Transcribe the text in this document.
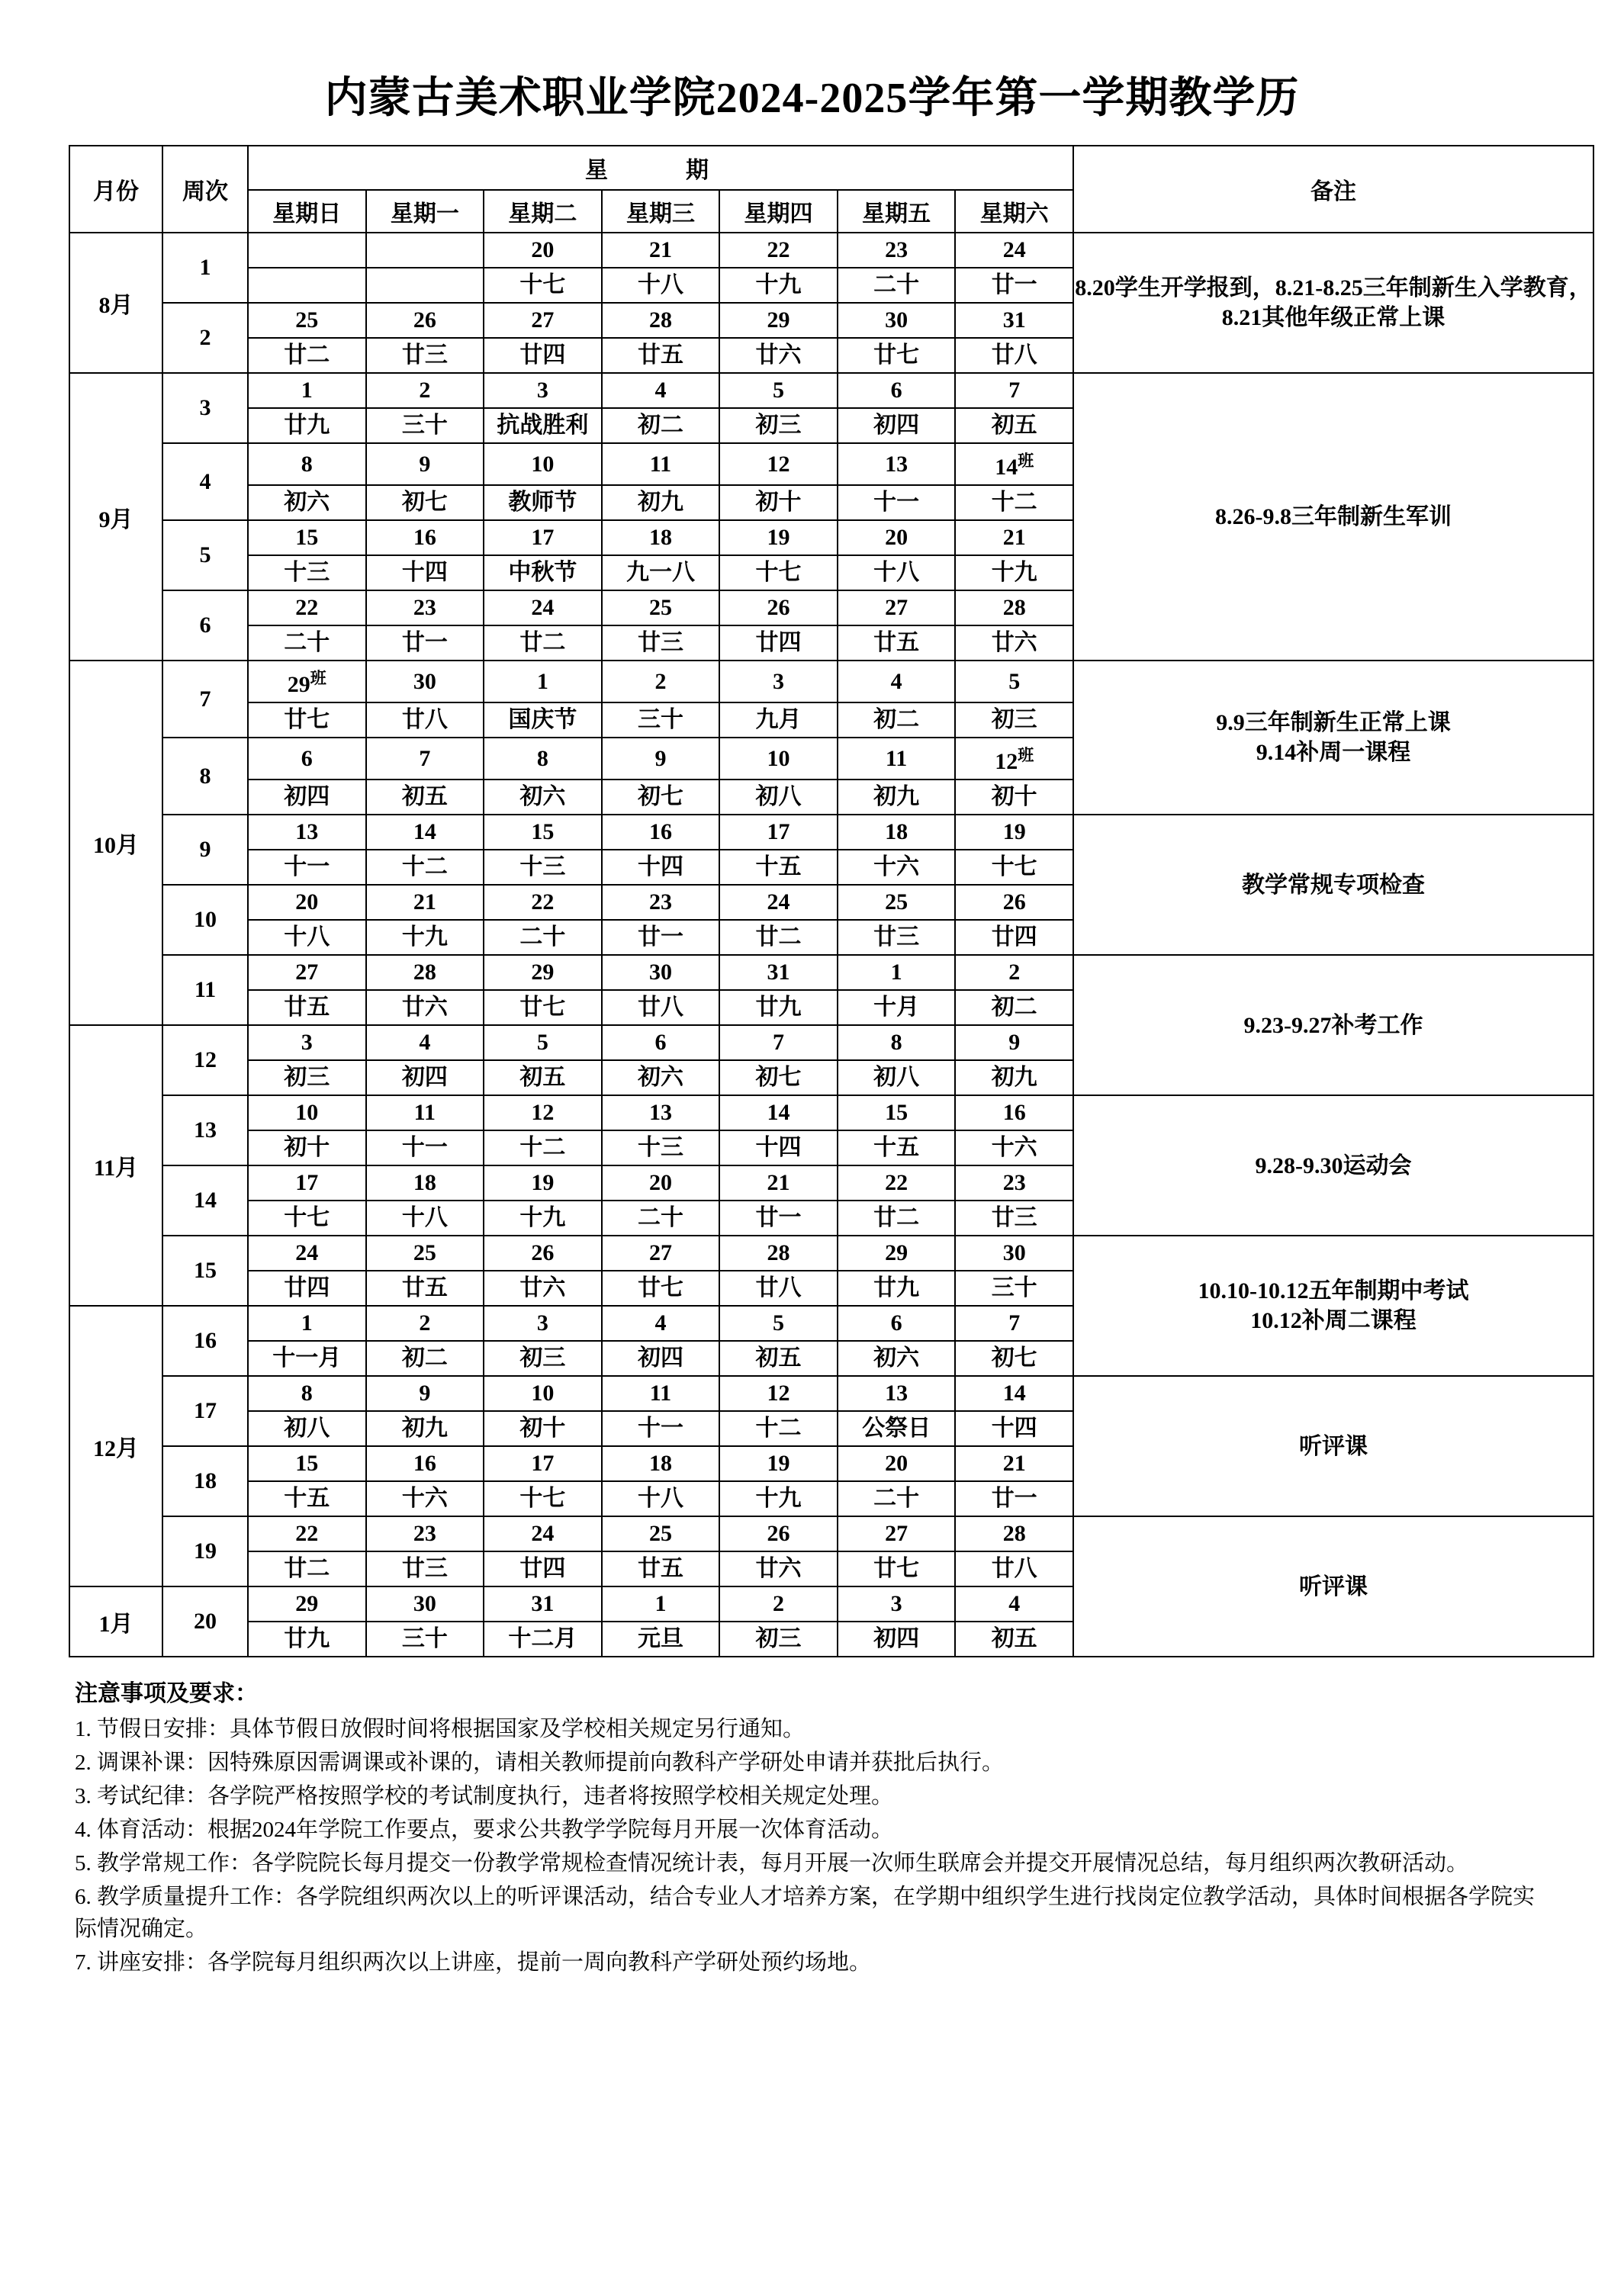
内蒙古美术职业学院2024-2025学年第一学期教学历
月份	周次	星　期							备注
		星期日	星期一	星期二	星期三	星期四	星期五	星期六	
8月	1			20	21	22	23	24	8.20学生开学报到，8.21-8.25三年制新生入学教育，8.21其他年级正常上课
				十七	十八	十九	二十	廿一	
	2	25	26	27	28	29	30	31	
		廿二	廿三	廿四	廿五	廿六	廿七	廿八	
9月	3	1	2	3	4	5	6	7	8.26-9.8三年制新生军训
		廿九	三十	抗战胜利	初二	初三	初四	初五	
	4	8	9	10	11	12	13	$14^班$
		初六	初七	教师节	初九	初十	十一	十二	
	5	15	16	17	18	19	20	21	
		十三	十四	中秋节	九一八	十七	十八	十九	
	6	22	23	24	25	26	27	28	
		二十	廿一	廿二	廿三	廿四	廿五	廿六	
10月	7	$29^班$	30	1	2	3	4	5	9.9三年制新生正常上课
9.14补周一课程
		廿七	廿八	国庆节	三十	九月	初二	初三	
	8	6	7	8	9	10	11	$12^班$
		初四	初五	初六	初七	初八	初九	初十	
	9	13	14	15	16	17	18	19	教学常规专项检查
		十一	十二	十三	十四	十五	十六	十七	
	10	20	21	22	23	24	25	26	
		十八	十九	二十	廿一	廿二	廿三	廿四	
	11	27	28	29	30	31	1	2	9.23-9.27补考工作
		廿五	廿六	廿七	廿八	廿九	十月	初二	
11月	12	3	4	5	6	7	8	9	
		初三	初四	初五	初六	初七	初八	初九	
	13	10	11	12	13	14	15	16	9.28-9.30运动会
		初十	十一	十二	十三	十四	十五	十六	
	14	17	18	19	20	21	22	23	
		十七	十八	十九	二十	廿一	廿二	廿三	
	15	24	25	26	27	28	29	30	10.10-10.12五年制期中考试
10.12补周二课程
		廿四	廿五	廿六	廿七	廿八	廿九	三十	
12月	16	1	2	3	4	5	6	7	
		十一月	初二	初三	初四	初五	初六	初七	
	17	8	9	10	11	12	13	14	听评课
		初八	初九	初十	十一	十二	公祭日	十四	
	18	15	16	17	18	19	20	21	
		十五	十六	十七	十八	十九	二十	廿一	
	19	22	23	24	25	26	27	28	听评课
		廿二	廿三	廿四	廿五	廿六	廿七	廿八	
1月	20	29	30	31	1	2	3	4	
		廿九	三十	十二月	元旦	初三	初四	初五	
注意事项及要求：

1. 节假日安排：具体节假日放假时间将根据国家及学校相关规定另行通知。

2. 调课补课：因特殊原因需调课或补课的，请相关教师提前向教科产学研处申请并获批后执行。

3. 考试纪律：各学院严格按照学校的考试制度执行，违者将按照学校相关规定处理。

4. 体育活动：根据2024年学院工作要点，要求公共教学学院每月开展一次体育活动。

5. 教学常规工作：各学院院长每月提交一份教学常规检查情况统计表，每月开展一次师生联席会并提交开展情况总结，每月组织两次教研活动。

6. 教学质量提升工作：各学院组织两次以上的听评课活动，结合专业人才培养方案，在学期中组织学生进行找岗定位教学活动，具体时间根据各学院实际情况确定。

7. 讲座安排：各学院每月组织两次以上讲座，提前一周向教科产学研处预约场地。
